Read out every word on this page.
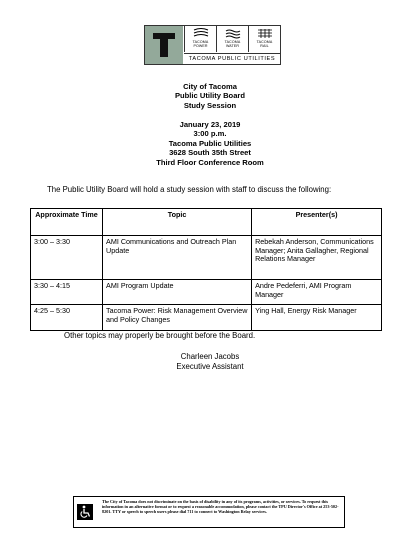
TACOMA
POWER
TACOMA
WATER
TACOMA
RAIL
TACOMA PUBLIC UTILITIES
City of Tacoma
Public Utility Board
Study Session
January 23, 2019
3:00 p.m.
Tacoma Public Utilities
3628 South 35th Street
Third Floor Conference Room
The Public Utility Board will hold a study session with staff to discuss the following:
Approximate Time	Topic	Presenter(s)
3:00 – 3:30	AMI Communications and Outreach Plan Update	Rebekah Anderson, Communications Manager; Anita Gallagher, Regional Relations Manager
3:30 – 4:15	AMI Program Update	Andre Pedeferri, AMI Program Manager
4:25 – 5:30	Tacoma Power: Risk Management Overview and Policy Changes	Ying Hall, Energy Risk Manager
Other topics may properly be brought before the Board.
Charleen Jacobs
Executive Assistant
The City of Tacoma does not discriminate on the basis of disability in any of its programs, activities, or services. To request this information in an alternative format or to request a reasonable accommodation, please contact the TPU Director's Office at 253-502-8201. TTY or speech to speech users please dial 711 to connect to Washington Relay services.
